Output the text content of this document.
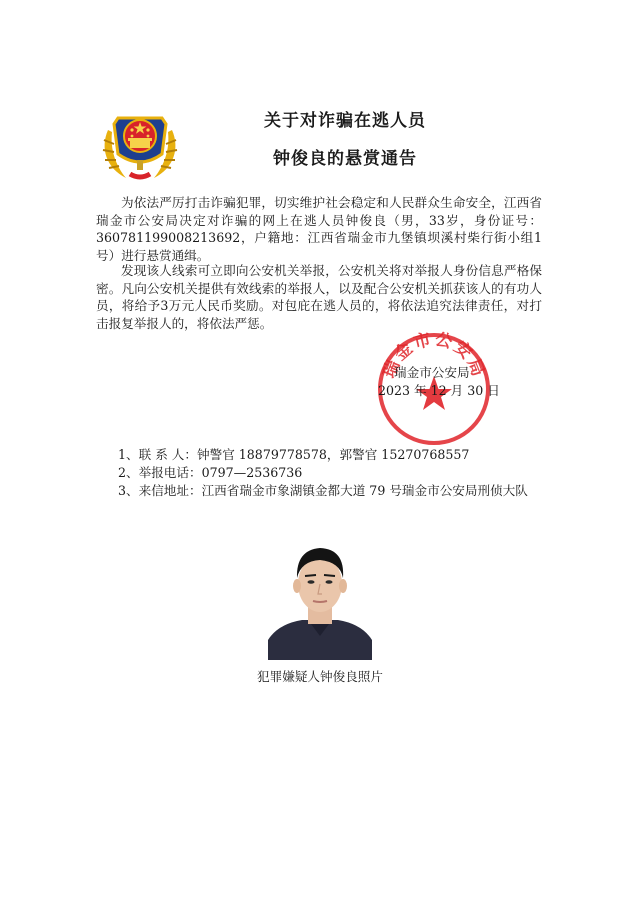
关于对诈骗在逃人员
钟俊良的悬赏通告
为依法严厉打击诈骗犯罪，切实维护社会稳定和人民群众生命安全，江西省瑞金市公安局决定对诈骗的网上在逃人员钟俊良（男，33岁，身份证号：360781199008213692，户籍地：江西省瑞金市九堡镇坝溪村柴行街小组1号）进行悬赏通缉。
发现该人线索可立即向公安机关举报，公安机关将对举报人身份信息严格保密。凡向公安机关提供有效线索的举报人，以及配合公安机关抓获该人的有功人员，将给予3万元人民币奖励。对包庇在逃人员的，将依法追究法律责任，对打击报复举报人的，将依法严惩。
瑞金市公安局
瑞金市公安局
2023 年 12 月 30 日
1、 联 系 人： 钟警官 18879778578，郭警官 15270768557
2、 举报电话： 0797—2536736
3、 来信地址： 江西省瑞金市象湖镇金都大道 79 号瑞金市公安局刑侦大队
犯罪嫌疑人钟俊良照片
